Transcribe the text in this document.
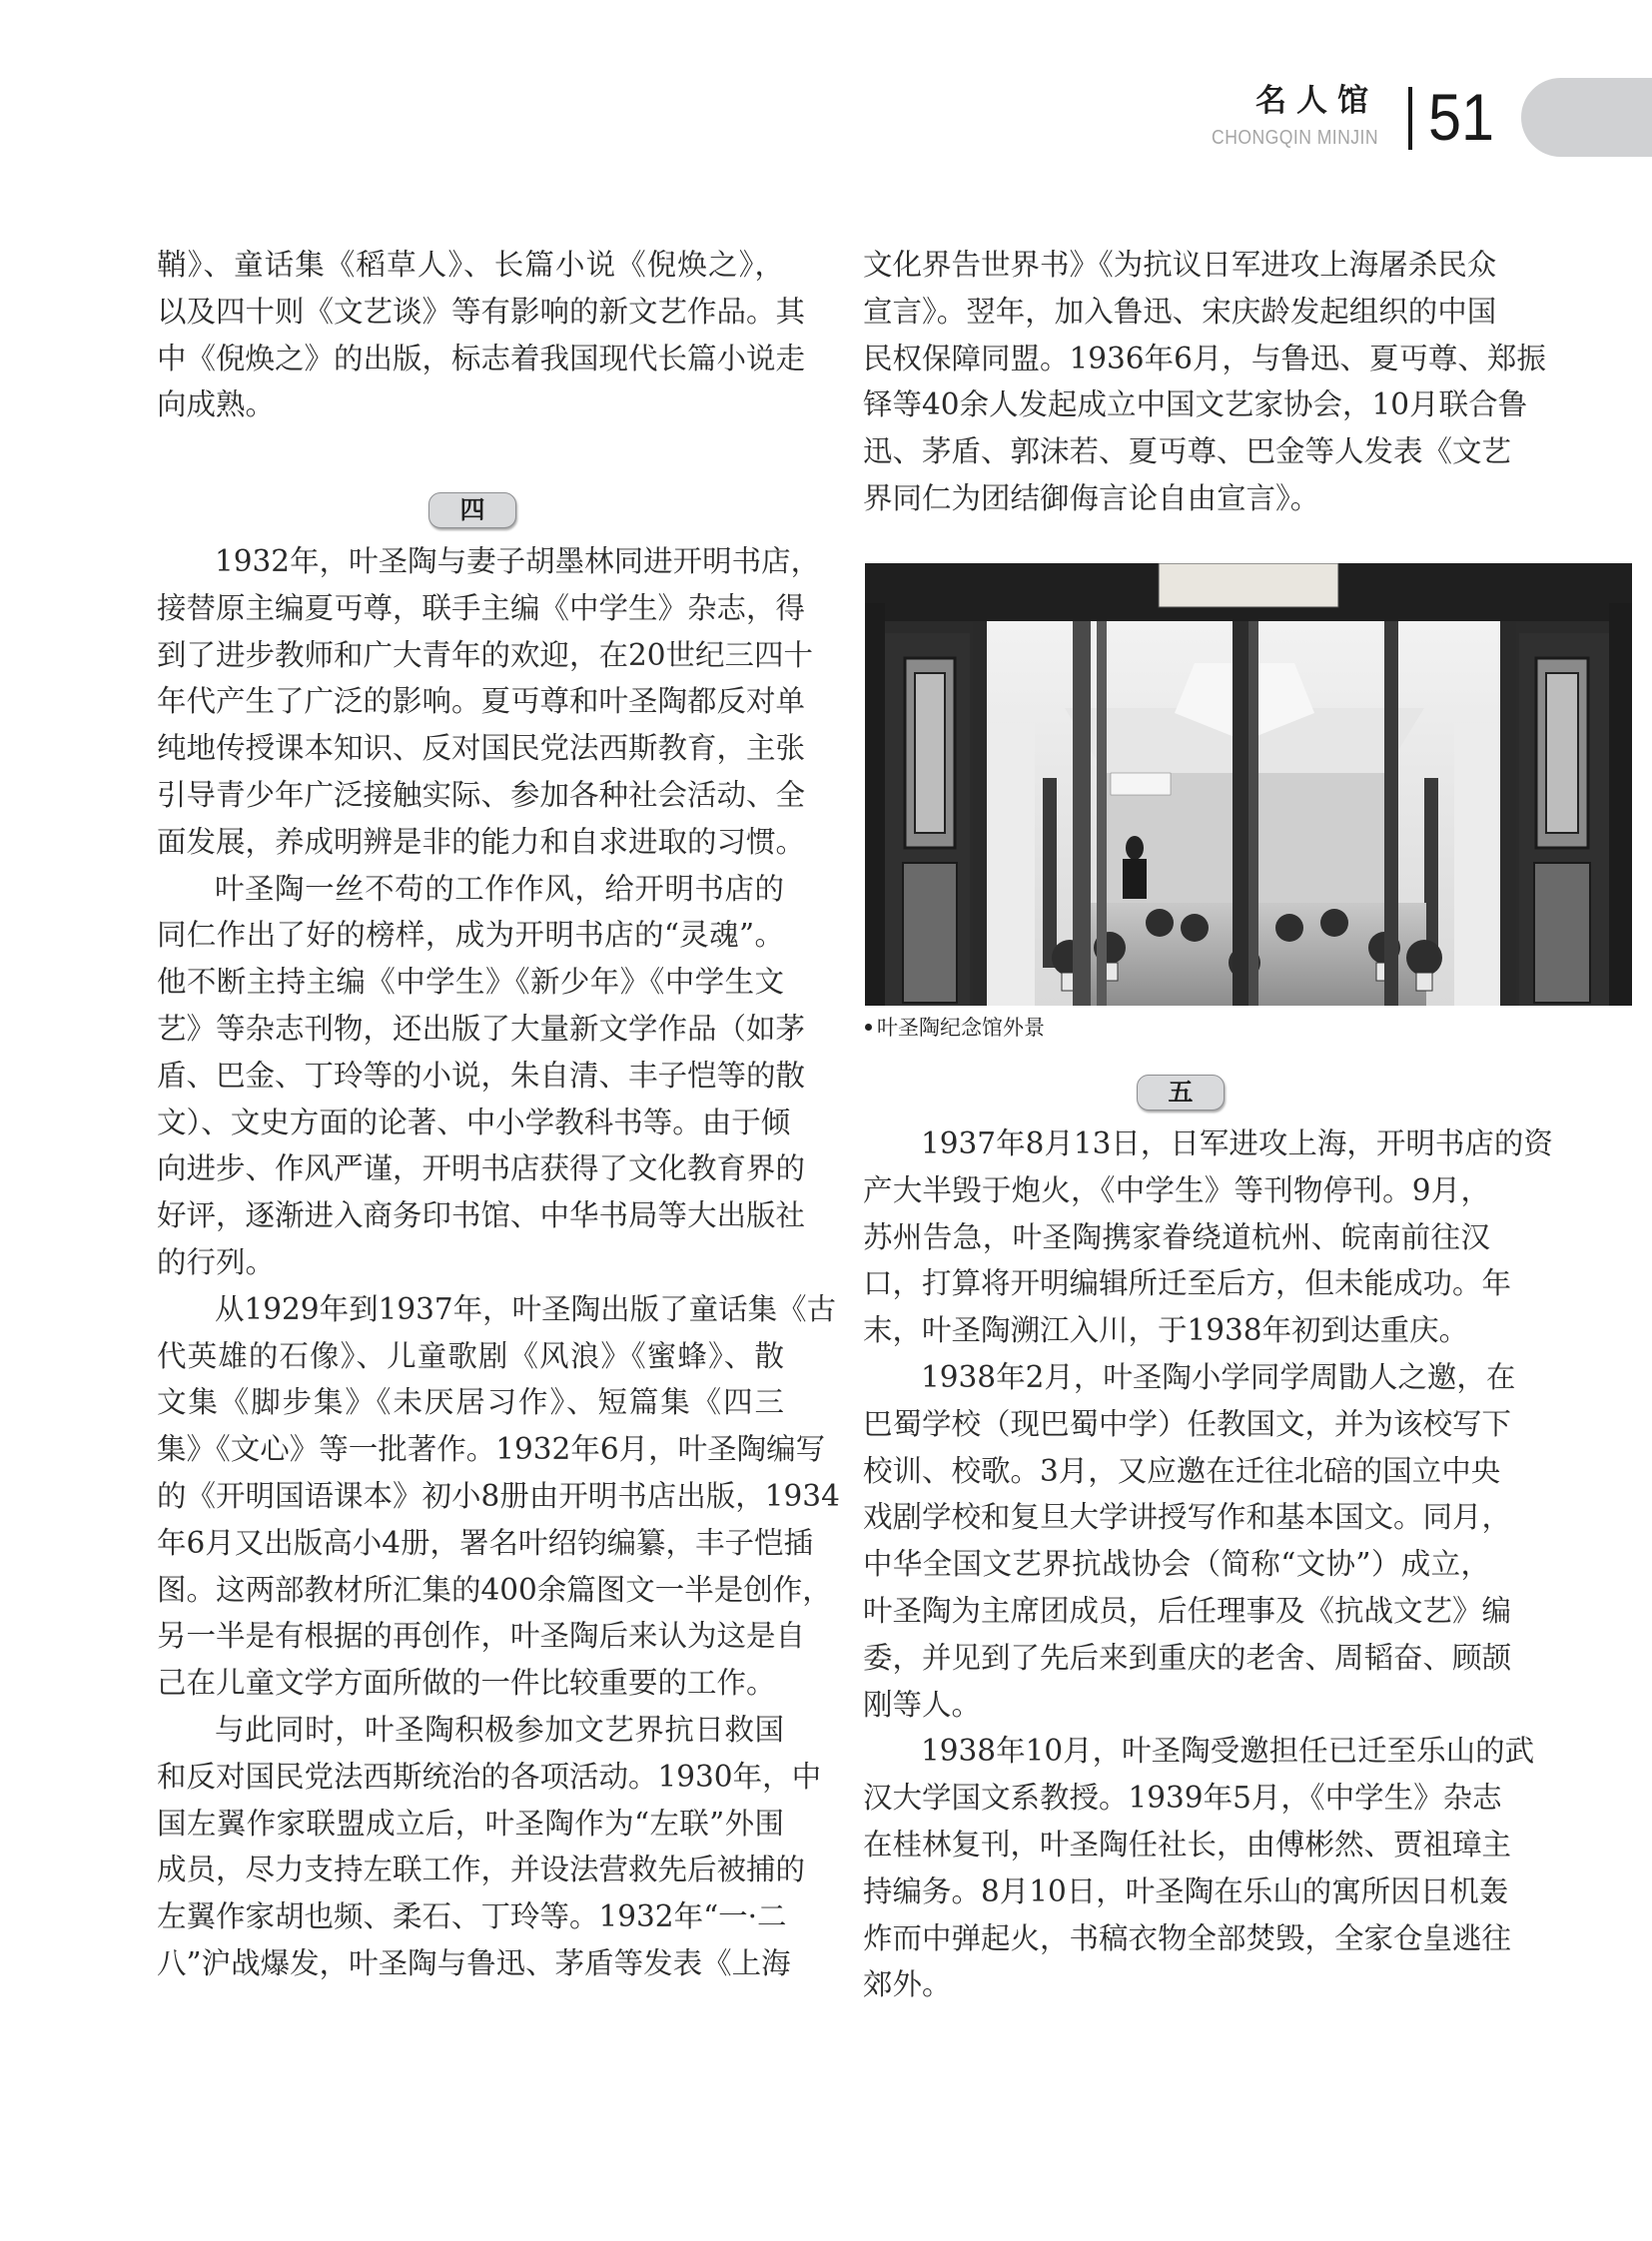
名人馆
CHONGQIN MINJIN 51
鞘》、童话集《稻草人》、长篇小说《倪焕之》，
以及四十则《文艺谈》等有影响的新文艺作品。其
中《倪焕之》的出版，标志着我国现代长篇小说走
向成熟。
四
1932年，叶圣陶与妻子胡墨林同进开明书店，
接替原主编夏丏尊，联手主编《中学生》杂志，得
到了进步教师和广大青年的欢迎，在20世纪三四十
年代产生了广泛的影响。夏丏尊和叶圣陶都反对单
纯地传授课本知识、反对国民党法西斯教育，主张
引导青少年广泛接触实际、参加各种社会活动、全
面发展，养成明辨是非的能力和自求进取的习惯。
叶圣陶一丝不苟的工作作风，给开明书店的
同仁作出了好的榜样，成为开明书店的“灵魂”。
他不断主持主编《中学生》《新少年》《中学生文
艺》等杂志刊物，还出版了大量新文学作品（如茅
盾、巴金、丁玲等的小说，朱自清、丰子恺等的散
文）、文史方面的论著、中小学教科书等。由于倾
向进步、作风严谨，开明书店获得了文化教育界的
好评，逐渐进入商务印书馆、中华书局等大出版社
的行列。
从1929年到1937年，叶圣陶出版了童话集《古
代英雄的石像》、儿童歌剧《风浪》《蜜蜂》、散
文集《脚步集》《未厌居习作》、短篇集《四三
集》《文心》等一批著作。1932年6月，叶圣陶编写
的《开明国语课本》初小8册由开明书店出版，1934
年6月又出版高小4册，署名叶绍钧编纂，丰子恺插
图。这两部教材所汇集的400余篇图文一半是创作，
另一半是有根据的再创作，叶圣陶后来认为这是自
己在儿童文学方面所做的一件比较重要的工作。
与此同时，叶圣陶积极参加文艺界抗日救国
和反对国民党法西斯统治的各项活动。1930年，中
国左翼作家联盟成立后，叶圣陶作为“左联”外围
成员，尽力支持左联工作，并设法营救先后被捕的
左翼作家胡也频、柔石、丁玲等。1932年“一·二
八”沪战爆发，叶圣陶与鲁迅、茅盾等发表《上海
文化界告世界书》《为抗议日军进攻上海屠杀民众
宣言》。翌年，加入鲁迅、宋庆龄发起组织的中国
民权保障同盟。1936年6月，与鲁迅、夏丏尊、郑振
铎等40余人发起成立中国文艺家协会，10月联合鲁
迅、茅盾、郭沫若、夏丏尊、巴金等人发表《文艺
界同仁为团结御侮言论自由宣言》。
叶圣陶纪念馆外景
五
1937年8月13日，日军进攻上海，开明书店的资
产大半毁于炮火，《中学生》等刊物停刊。9月，
苏州告急，叶圣陶携家眷绕道杭州、皖南前往汉
口，打算将开明编辑所迁至后方，但未能成功。年
末，叶圣陶溯江入川，于1938年初到达重庆。
1938年2月，叶圣陶小学同学周勖人之邀，在
巴蜀学校（现巴蜀中学）任教国文，并为该校写下
校训、校歌。3月，又应邀在迁往北碚的国立中央
戏剧学校和复旦大学讲授写作和基本国文。同月，
中华全国文艺界抗战协会（简称“文协”）成立，
叶圣陶为主席团成员，后任理事及《抗战文艺》编
委，并见到了先后来到重庆的老舍、周韬奋、顾颉
刚等人。
1938年10月，叶圣陶受邀担任已迁至乐山的武
汉大学国文系教授。1939年5月，《中学生》杂志
在桂林复刊，叶圣陶任社长，由傅彬然、贾祖璋主
持编务。8月10日，叶圣陶在乐山的寓所因日机轰
炸而中弹起火，书稿衣物全部焚毁，全家仓皇逃往
郊外。
